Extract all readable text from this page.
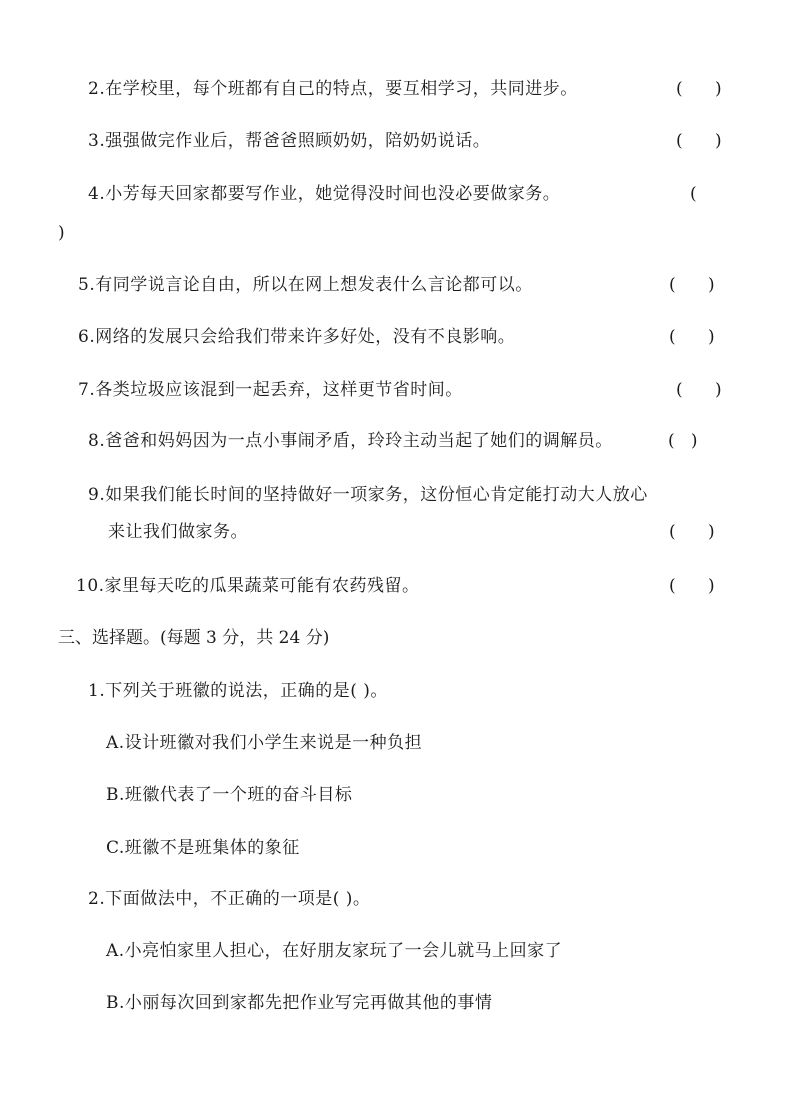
2.在学校里，每个班都有自己的特点，要互相学习，共同进步。	(      )
3.强强做完作业后，帮爸爸照顾奶奶，陪奶奶说话。	(      )
4.小芳每天回家都要写作业，她觉得没时间也没必要做家务。	(
)
5.有同学说言论自由，所以在网上想发表什么言论都可以。	(      )
6.网络的发展只会给我们带来许多好处，没有不良影响。	(      )
7.各类垃圾应该混到一起丢弃，这样更节省时间。	(      )
8.爸爸和妈妈因为一点小事闹矛盾，玲玲主动当起了她们的调解员。	(   )
9.如果我们能长时间的坚持做好一项家务，这份恒心肯定能打动大人放心
来让我们做家务。	(      )
10.家里每天吃的瓜果蔬菜可能有农药残留。	(      )
三、选择题。(每题 3 分，共 24 分)
1.下列关于班徽的说法，正确的是( )。
A.设计班徽对我们小学生来说是一种负担
B.班徽代表了一个班的奋斗目标
C.班徽不是班集体的象征
2.下面做法中，不正确的一项是( )。
A.小亮怕家里人担心，在好朋友家玩了一会儿就马上回家了
B.小丽每次回到家都先把作业写完再做其他的事情
